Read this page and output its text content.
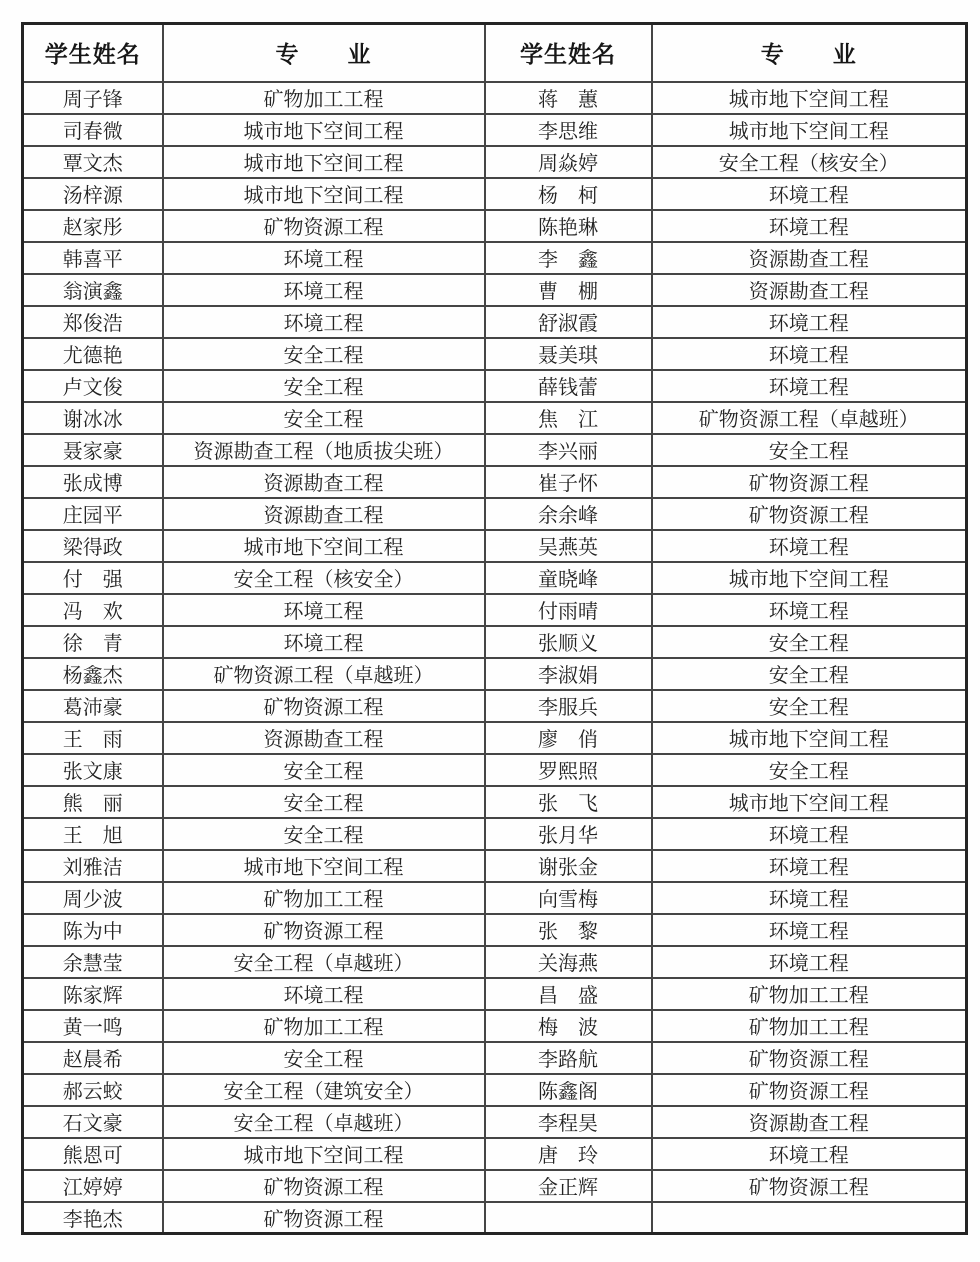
学生姓名	专　　业	学生姓名	专　　业
周子锋	矿物加工工程	蒋　蕙	城市地下空间工程
司春微	城市地下空间工程	李思维	城市地下空间工程
覃文杰	城市地下空间工程	周焱婷	安全工程（核安全）
汤梓源	城市地下空间工程	杨　柯	环境工程
赵家彤	矿物资源工程	陈艳琳	环境工程
韩喜平	环境工程	李　鑫	资源勘查工程
翁演鑫	环境工程	曹　棚	资源勘查工程
郑俊浩	环境工程	舒淑霞	环境工程
尤德艳	安全工程	聂美琪	环境工程
卢文俊	安全工程	薛钱蕾	环境工程
谢冰冰	安全工程	焦　江	矿物资源工程（卓越班）
聂家豪	资源勘查工程（地质拔尖班）	李兴丽	安全工程
张成博	资源勘查工程	崔子怀	矿物资源工程
庄园平	资源勘查工程	余余峰	矿物资源工程
梁得政	城市地下空间工程	吴燕英	环境工程
付　强	安全工程（核安全）	童晓峰	城市地下空间工程
冯　欢	环境工程	付雨晴	环境工程
徐　青	环境工程	张顺义	安全工程
杨鑫杰	矿物资源工程（卓越班）	李淑娟	安全工程
葛沛豪	矿物资源工程	李服兵	安全工程
王　雨	资源勘查工程	廖　俏	城市地下空间工程
张文康	安全工程	罗熙照	安全工程
熊　丽	安全工程	张　飞	城市地下空间工程
王　旭	安全工程	张月华	环境工程
刘雅洁	城市地下空间工程	谢张金	环境工程
周少波	矿物加工工程	向雪梅	环境工程
陈为中	矿物资源工程	张　黎	环境工程
余慧莹	安全工程（卓越班）	关海燕	环境工程
陈家辉	环境工程	昌　盛	矿物加工工程
黄一鸣	矿物加工工程	梅　波	矿物加工工程
赵晨希	安全工程	李路航	矿物资源工程
郝云蛟	安全工程（建筑安全）	陈鑫阁	矿物资源工程
石文豪	安全工程（卓越班）	李程昊	资源勘查工程
熊恩可	城市地下空间工程	唐　玲	环境工程
江婷婷	矿物资源工程	金正辉	矿物资源工程
李艳杰	矿物资源工程		
